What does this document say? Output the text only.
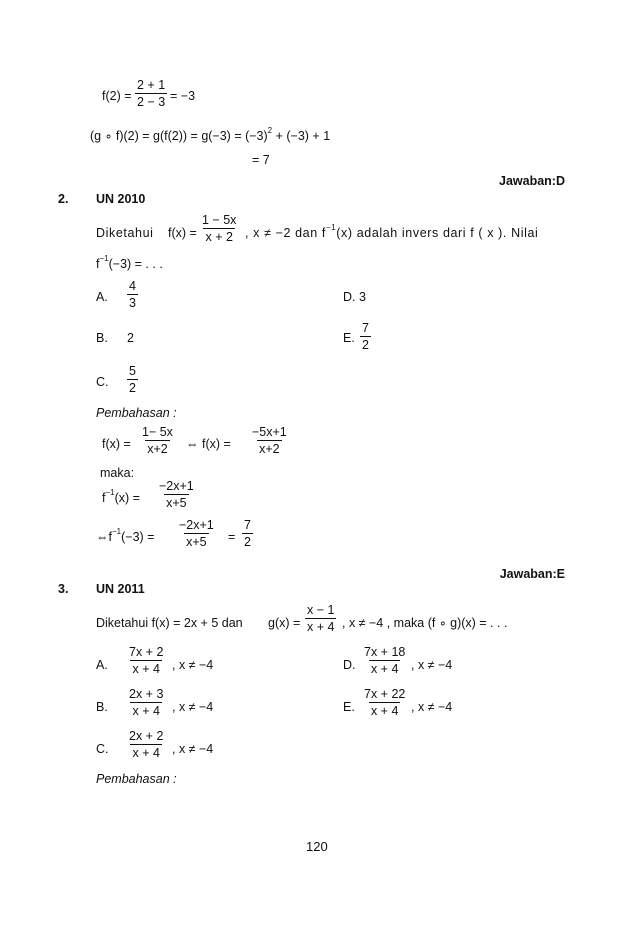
$f(2) = \frac{2 + 1}{2 - 3} = -3$
(g ∘ $f)(2) = g(f(2)) = g(-3) = (-3)^2 + (-3) + 1$
= 7
Jawaban:D
2. UN 2010
Diketahui $f(x) = \frac{1 - 5x}{x + 2}$ , x ≠ −2 dan $f^{-1}(x)$ adalah invers dari f ( x ). Nilai
$f^{-1}(-3)$ = . . .
A. $\frac{4}{3}$	D. 3
B. 2	E. $\frac{7}{2}$
C. $\frac{5}{2}$
Pembahasan :
$f(x) = \frac{1- 5x}{x+2}$ ⇔ $f(x) = \frac{-5x+1}{x+2}$
maka:
$f^{-1}(x) = \frac{-2x+1}{x+5}$
$\Leftrightarrow f^{-1}(-3) = \frac{-2x+1}{x+5} = \frac{7}{2}$
Jawaban:E
3. UN 2011
Diketahui f(x) = 2x + 5 dan $g(x) = \frac{x - 1}{x + 4}$ , x ≠ −4 , maka (f ∘ g)(x) = . . .
A. $\frac{7x + 2}{x + 4}$ , x ≠ −4	D. $\frac{7x + 18}{x + 4}$ , x ≠ −4
B. $\frac{2x + 3}{x + 4}$ , x ≠ −4	E. $\frac{7x + 22}{x + 4}$ , x ≠ −4
C. $\frac{2x + 2}{x + 4}$ , x ≠ −4
Pembahasan :
120
